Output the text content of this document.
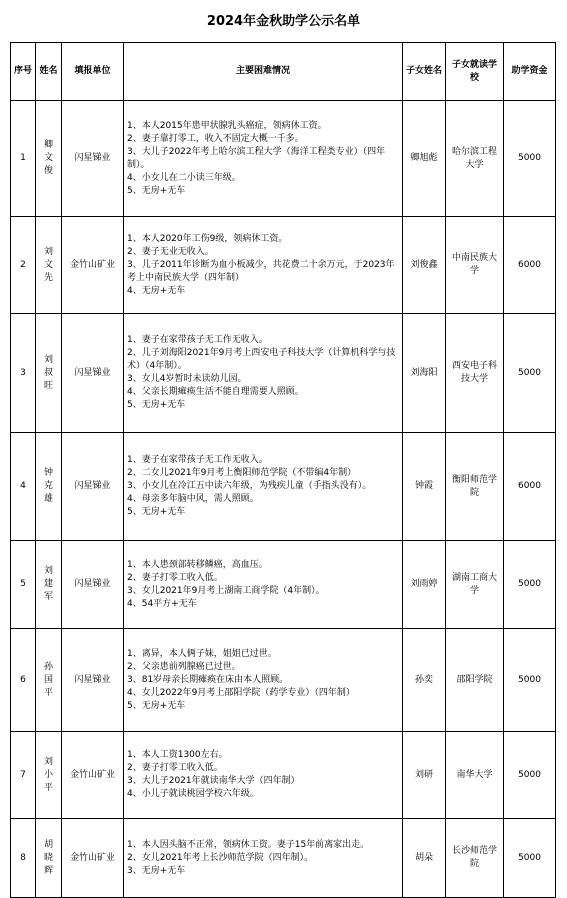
2024年金秋助学公示名单
序号	姓名	填报单位	主要困难情况	子女姓名	子女就读学校	助学资金
1	卿文俊	闪星锑业	1、本人2015年患甲状腺乳头癌症，领病休工资。
2、妻子靠打零工，收入不固定大概一千多。
3、大儿子2022年考上哈尔滨工程大学（海洋工程类专业）（四年制）。
4、小女儿在二小读三年级。
5、无房+无车	卿旭彪	哈尔滨工程大学	5000
2	刘文先	金竹山矿业	1、本人2020年工伤9级，领病休工资。
2、妻子无业无收入。
3、儿子2011年诊断为血小板减少，共花费二十余万元，于2023年考上中南民族大学（四年制）
4、无房+无车	刘俊鑫	中南民族大学	6000
3	刘叔旺	闪星锑业	1、妻子在家带孩子无工作无收入。
2、儿子刘海阳2021年9月考上西安电子科技大学（计算机科学与技术）（4年制）。
3、女儿4岁暂时未读幼儿园。
4、父亲长期瘫痪生活不能自理需要人照顾。
5、无房+无车	刘海阳	西安电子科技大学	5000
4	钟克雄	闪星锑业	1、妻子在家带孩子无工作无收入。
2、二女儿2021年9月考上衡阳师范学院（不带编4年制）
3、小女儿在冷江五中读六年级，为残疾儿童（手指头没有）。
4、母亲多年脑中风，需人照顾。
5、无房+无车	钟霞	衡阳师范学院	6000
5	刘建军	闪星锑业	1、本人患颈部转移鳞癌，高血压。
2、妻子打零工收入低。
3、女儿2021年9月考上湖南工商学院（4年制）。
4、54平方+无车	刘雨婷	湖南工商大学	5000
6	孙国平	闪星锑业	1、离异，本人俩子妹，姐姐已过世。
2、父亲患前列腺癌已过世。
3、81岁母亲长期瘫痪在床由本人照顾。
4、女儿2022年9月考上邵阳学院（药学专业）（四年制）
5、无房+无车	孙奕	邵阳学院	5000
7	刘小平	金竹山矿业	1、本人工资1300左右。
2、妻子打零工收入低。
3、大儿子2021年就读南华大学（四年制）
4、小儿子就读桃园学校六年级。	刘研	南华大学	5000
8	胡晓辉	金竹山矿业	1、本人因头脑不正常，领病休工资。妻子15年前离家出走。
2、女儿2021年考上长沙师范学院（四年制）。
3、无房+无车	胡朵	长沙师范学院	5000
